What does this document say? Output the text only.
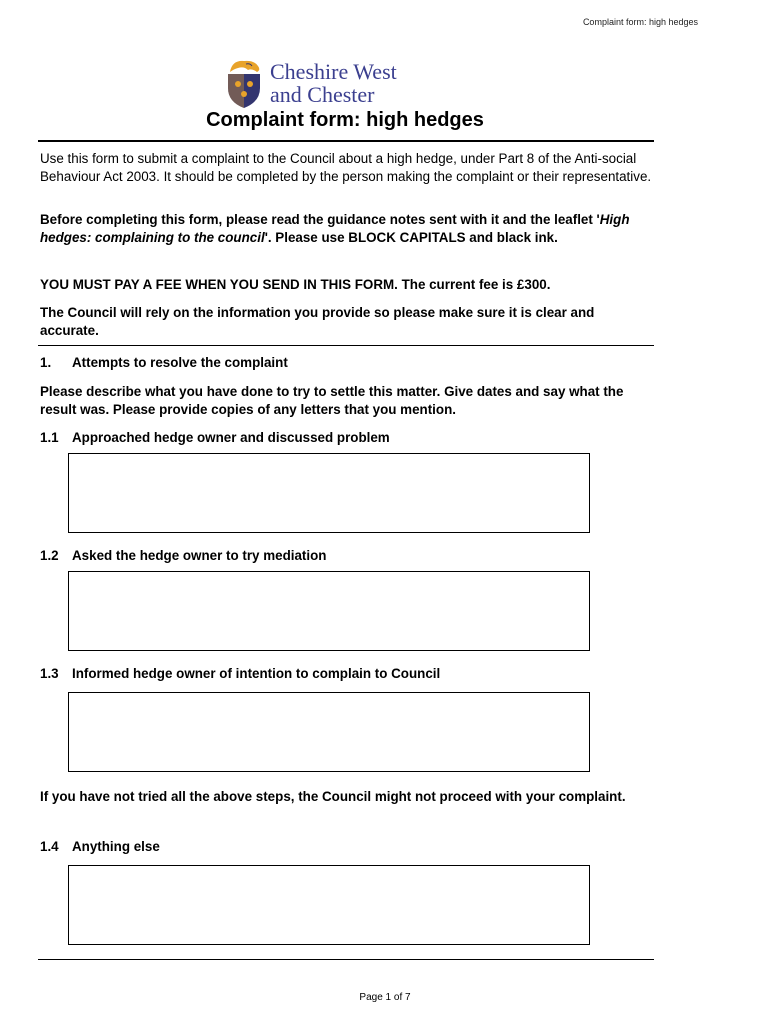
Complaint form: high hedges
Cheshire West
and Chester
Complaint form: high hedges
Use this form to submit a complaint to the Council about a high hedge, under Part 8 of the Anti-social Behaviour Act 2003. It should be completed by the person making the complaint or their representative.
Before completing this form, please read the guidance notes sent with it and the leaflet 'High hedges: complaining to the council'. Please use BLOCK CAPITALS and black ink.
YOU MUST PAY A FEE WHEN YOU SEND IN THIS FORM. The current fee is £300.
The Council will rely on the information you provide so please make sure it is clear and accurate.
1. Attempts to resolve the complaint
Please describe what you have done to try to settle this matter. Give dates and say what the result was. Please provide copies of any letters that you mention.
1.1 Approached hedge owner and discussed problem
1.2 Asked the hedge owner to try mediation
1.3 Informed hedge owner of intention to complain to Council
If you have not tried all the above steps, the Council might not proceed with your complaint.
1.4 Anything else
Page 1 of 7
